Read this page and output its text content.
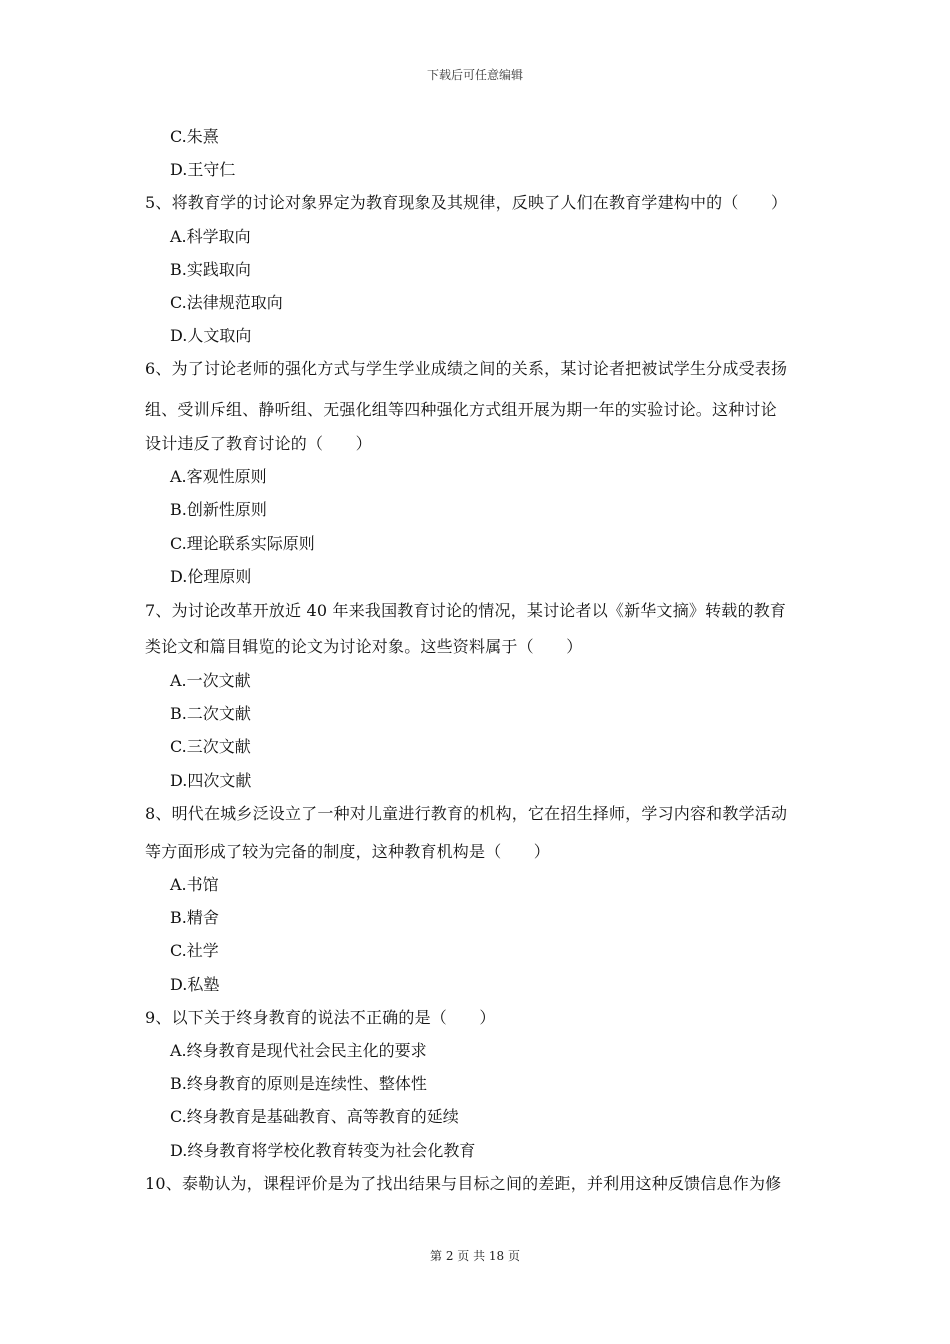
下载后可任意编辑
C.朱熹
D.王守仁
5、将教育学的讨论对象界定为教育现象及其规律，反映了人们在教育学建构中的（　　）
A.科学取向
B.实践取向
C.法律规范取向
D.人文取向
6、为了讨论老师的强化方式与学生学业成绩之间的关系，某讨论者把被试学生分成受表扬
组、受训斥组、静听组、无强化组等四种强化方式组开展为期一年的实验讨论。这种讨论
设计违反了教育讨论的（　　）
A.客观性原则
B.创新性原则
C.理论联系实际原则
D.伦理原则
7、为讨论改革开放近 40 年来我国教育讨论的情况，某讨论者以《新华文摘》转载的教育
类论文和篇目辑览的论文为讨论对象。这些资料属于（　　）
A.一次文献
B.二次文献
C.三次文献
D.四次文献
8、明代在城乡泛设立了一种对儿童进行教育的机构，它在招生择师，学习内容和教学活动
等方面形成了较为完备的制度，这种教育机构是（　　）
A.书馆
B.精舍
C.社学
D.私塾
9、以下关于终身教育的说法不正确的是（　　）
A.终身教育是现代社会民主化的要求
B.终身教育的原则是连续性、整体性
C.终身教育是基础教育、高等教育的延续
D.终身教育将学校化教育转变为社会化教育
10、泰勒认为，课程评价是为了找出结果与目标之间的差距，并利用这种反馈信息作为修
第 2 页 共 18 页
